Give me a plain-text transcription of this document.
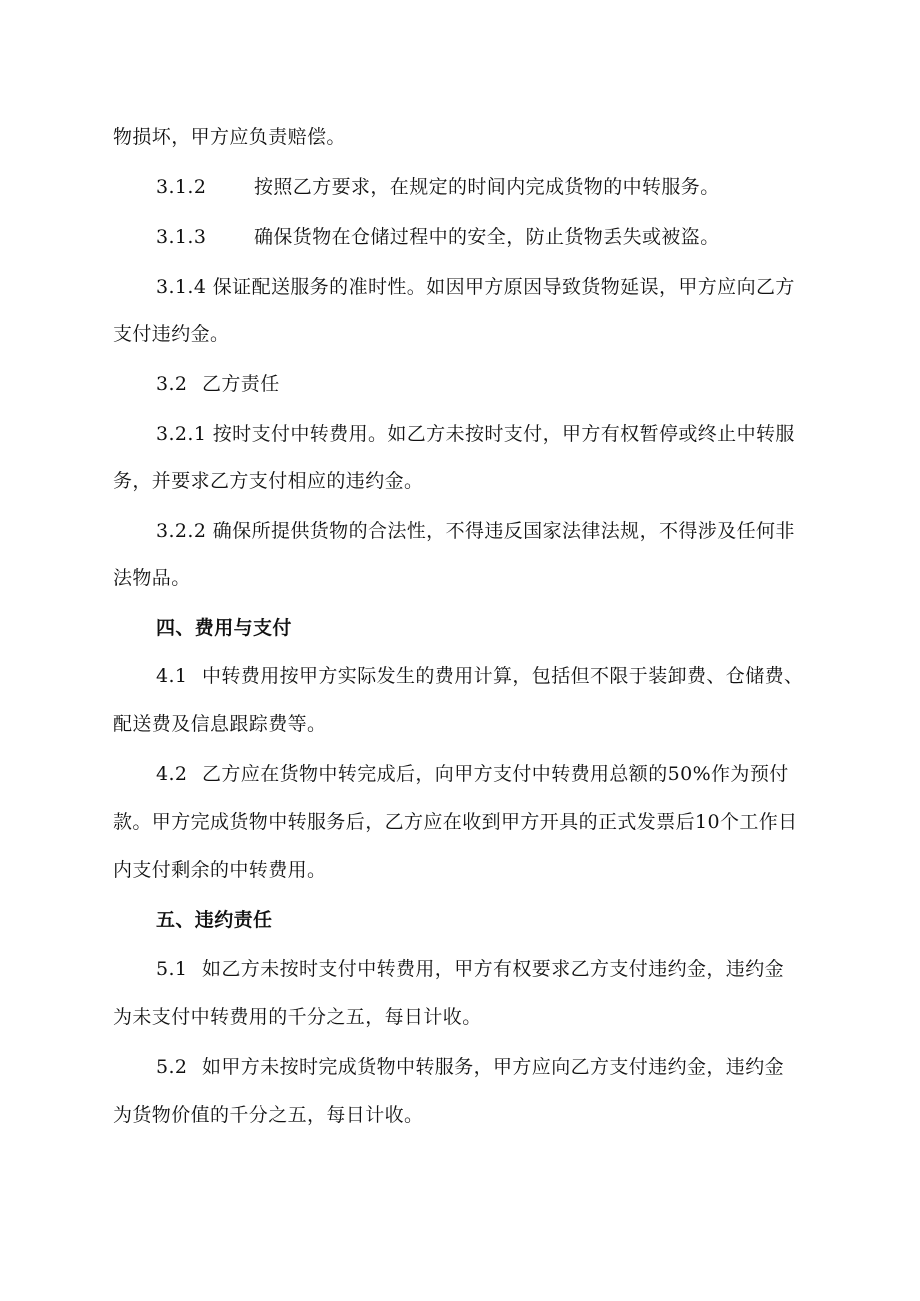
物损坏，甲方应负责赔偿。
3.1.2	按照乙方要求，在规定的时间内完成货物的中转服务。
3.1.3	确保货物在仓储过程中的安全，防止货物丢失或被盗。
3.1.4 保证配送服务的准时性。如因甲方原因导致货物延误，甲方应向乙方
支付违约金。
3.2 乙方责任
3.2.1 按时支付中转费用。如乙方未按时支付，甲方有权暂停或终止中转服
务，并要求乙方支付相应的违约金。
3.2.2 确保所提供货物的合法性，不得违反国家法律法规，不得涉及任何非
法物品。
四、费用与支付
4.1 中转费用按甲方实际发生的费用计算，包括但不限于装卸费、仓储费、
配送费及信息跟踪费等。
4.2 乙方应在货物中转完成后，向甲方支付中转费用总额的50%作为预付
款。甲方完成货物中转服务后，乙方应在收到甲方开具的正式发票后10个工作日
内支付剩余的中转费用。
五、违约责任
5.1 如乙方未按时支付中转费用，甲方有权要求乙方支付违约金，违约金
为未支付中转费用的千分之五，每日计收。
5.2 如甲方未按时完成货物中转服务，甲方应向乙方支付违约金，违约金
为货物价值的千分之五，每日计收。
